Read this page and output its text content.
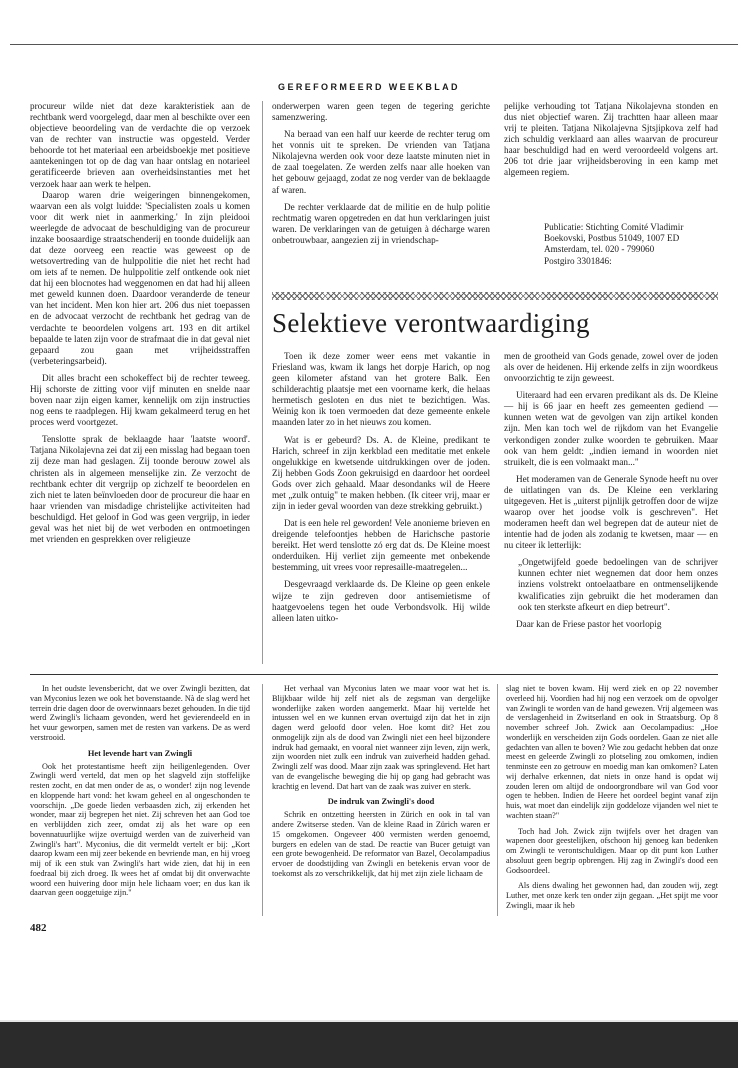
GEREFORMEERD WEEKBLAD

procureur wilde niet dat deze karakteristiek aan de rechtbank werd voorgelegd, daar men al beschikte over een objectieve beoordeling van de verdachte die op verzoek van de rechter van instructie was opgesteld. Verder behoorde tot het materiaal een arbeidsboekje met positieve aantekeningen tot op de dag van haar ontslag en notarieel geratificeerde brieven aan overheidsinstanties met het verzoek haar aan werk te helpen.

Daarop waren drie weigeringen binnengekomen, waarvan een als volgt luidde: 'Specialisten zoals u komen voor dit werk niet in aanmerking.' In zijn pleidooi weerlegde de advocaat de beschuldiging van de procureur inzake boosaardige straatschenderij en toonde duidelijk aan dat deze oorveeg een reactie was geweest op de wetsovertreding van de hulppolitie die niet het recht had om iets af te nemen. De hulppolitie zelf ontkende ook niet dat hij een blocnotes had weggenomen en dat had hij alleen met geweld kunnen doen. Daardoor veranderde de teneur van het incident. Men kon hier art. 206 dus niet toepassen en de advocaat verzocht de rechtbank het gedrag van de verdachte te beoordelen volgens art. 193 en dit artikel bepaalde te laten zijn voor de strafmaat die in dat geval niet gepaard zou gaan met vrijheidsstraffen (verbeteringsarbeid).

Dit alles bracht een schokeffect bij de rechter teweeg. Hij schorste de zitting voor vijf minuten en snelde naar boven naar zijn eigen kamer, kennelijk om zijn instructies nog eens te raadplegen. Hij kwam gekalmeerd terug en het proces werd voortgezet.

Tenslotte sprak de beklaagde haar 'laatste woord'. Tatjana Nikolajevna zei dat zij een misslag had begaan toen zij deze man had geslagen. Zij toonde berouw zowel als christen als in algemeen menselijke zin. Ze verzocht de rechtbank echter dit vergrijp op zichzelf te beoordelen en zich niet te laten beïnvloeden door de procureur die haar en haar vrienden van misdadige christelijke activiteiten had beschuldigd. Het geloof in God was geen vergrijp, in ieder geval was het niet bij de wet verboden en ontmoetingen met vrienden en gesprekken over religieuze

onderwerpen waren geen tegen de tegering gerichte samenzwering.

Na beraad van een half uur keerde de rechter terug om het vonnis uit te spreken. De vrienden van Tatjana Nikolajevna werden ook voor deze laatste minuten niet in de zaal toegelaten. Ze werden zelfs naar alle hoeken van het gebouw gejaagd, zodat ze nog verder van de beklaagde af waren.

De rechter verklaarde dat de militie en de hulp politie rechtmatig waren opgetreden en dat hun verklaringen juist waren. De verklaringen van de getuigen à décharge waren onbetrouwbaar, aangezien zij in vriendschap-

pelijke verhouding tot Tatjana Nikolajevna stonden en dus niet objectief waren. Zij trachtten haar alleen maar vrij te pleiten. Tatjana Nikolajevna Sjtsjipkova zelf had zich schuldig verklaard aan alles waarvan de procureur haar beschuldigd had en werd veroordeeld volgens art. 206 tot drie jaar vrijheidsberoving in een kamp met algemeen regiem.

Publicatie: Stichting Comité Vladimir Boekovski, Postbus 51049, 1007 ED Amsterdam, tel. 020 - 799060

Postgiro 3301846:

Selektieve verontwaardiging

Toen ik deze zomer weer eens met vakantie in Friesland was, kwam ik langs het dorpje Harich, op nog geen kilometer afstand van het grotere Balk. Een schilderachtig plaatsje met een voorname kerk, die helaas hermetisch gesloten en dus niet te bezichtigen. Was. Weinig kon ik toen vermoeden dat deze gemeente enkele maanden later zo in het nieuws zou komen.

Wat is er gebeurd? Ds. A. de Kleine, predikant te Harich, schreef in zijn kerkblad een meditatie met enkele ongelukkige en kwetsende uitdrukkingen over de joden. Zij hebben Gods Zoon gekruisigd en daardoor het oordeel Gods over zich gehaald. Maar desondanks wil de Heere met „zulk ontuig" te maken hebben. (Ik citeer vrij, maar er zijn in ieder geval woorden van deze strekking gebruikt.)

Dat is een hele rel geworden! Vele anonieme brieven en dreigende telefoontjes hebben de Harichsche pastorie bereikt. Het werd tenslotte zó erg dat ds. De Kleine moest onderduiken. Hij verliet zijn gemeente met onbekende bestemming, uit vrees voor represaille-maatregelen...

Desgevraagd verklaarde ds. De Kleine op geen enkele wijze te zijn gedreven door antisemietisme of haatgevoelens tegen het oude Verbondsvolk. Hij wilde alleen laten uitko-

men de grootheid van Gods genade, zowel over de joden als over de heidenen. Hij erkende zelfs in zijn woordkeus onvoorzichtig te zijn geweest.

Uiteraard had een ervaren predikant als ds. De Kleine — hij is 66 jaar en heeft zes gemeenten gediend — kunnen weten wat de gevolgen van zijn artikel konden zijn. Men kan toch wel de rijkdom van het Evangelie verkondigen zonder zulke woorden te gebruiken. Maar ook van hem geldt: „indien iemand in woorden niet struikelt, die is een volmaakt man..."

Het moderamen van de Generale Synode heeft nu over de uitlatingen van ds. De Kleine een verklaring uitgegeven. Het is „uiterst pijnlijk getroffen door de wijze waarop over het joodse volk is geschreven". Het moderamen heeft dan wel begrepen dat de auteur niet de intentie had de joden als zodanig te kwetsen, maar — en nu citeer ik letterlijk:

„Ongetwijfeld goede bedoelingen van de schrijver kunnen echter niet wegnemen dat door hem onzes inziens volstrekt ontoelaatbare en ontmenselijkende kwalificaties zijn gebruikt die het moderamen dan ook ten sterkste afkeurt en diep betreurt".

Daar kan de Friese pastor het voorlopig

In het oudste levensbericht, dat we over Zwingli bezitten, dat van Myconius lezen we ook het bovenstaande. Nà de slag werd het terrein drie dagen door de overwinnaars bezet gehouden. In die tijd werd Zwingli's lichaam gevonden, werd het gevierendeeld en in het vuur geworpen, samen met de resten van varkens. De as werd verstrooid.

Het levende hart van Zwingli

Ook het protestantisme heeft zijn heiligenlegenden. Over Zwingli werd verteld, dat men op het slagveld zijn stoffelijke resten zocht, en dat men onder de as, o wonder! zijn nog levende en kloppende hart vond: het kwam geheel en al ongeschonden te voorschijn. „De goede lieden verbaasden zich, zij erkenden het wonder, maar zij begrepen het niet. Zij schreven het aan God toe en verblijdden zich zeer, omdat zij als het ware op een bovennatuurlijke wijze overtuigd werden van de zuiverheid van Zwingli's hart". Myconius, die dit vermeldt vertelt er bij: „Kort daarop kwam een mij zeer bekende en bevriende man, en hij vroeg mij of ik een stuk van Zwingli's hart wide zien, dat hij in een foedraal bij zich droeg. Ik wees het af omdat bij dit onverwachte woord een huivering door mijn hele lichaam voer; en dus kan ik daarvan geen ooggetuige zijn."

Het verhaal van Myconius laten we maar voor wat het is. Blijkbaar wilde hij zelf niet als de zegsman van dergelijke wonderlijke zaken worden aangemerkt. Maar hij vertelde het intussen wel en we kunnen ervan overtuigd zijn dat het in zijn dagen werd geloofd door velen. Hoe komt dit? Het zou onmogelijk zijn als de dood van Zwingli niet een heel bijzondere indruk had gemaakt, en vooral niet wanneer zijn leven, zijn werk, zijn woorden niet zulk een indruk van zuiverheid hadden gehad. Zwingli zelf was dood. Maar zijn zaak was springlevend. Het hart van de evangelische beweging die hij op gang had gebracht was krachtig en levend. Dat hart van de zaak was zuiver en sterk.

De indruk van Zwingli's dood

Schrik en ontzetting heersten in Zürich en ook in tal van andere Zwitserse steden. Van de kleine Raad in Zürich waren er 15 omgekomen. Ongeveer 400 vermisten werden genoemd, burgers en edelen van de stad. De reactie van Bucer getuigt van een grote bewogenheid. De reformator van Bazel, Oecolampadius ervoer de doodstijding van Zwingli en betekenis ervan voor de toekomst als zo verschrikkelijk, dat hij met zijn ziele lichaam de

slag niet te boven kwam. Hij werd ziek en op 22 november overleed hij. Voordien had hij nog een verzoek om de opvolger van Zwingli te worden van de hand gewezen. Vrij algemeen was de verslagenheid in Zwitserland en ook in Straatsburg. Op 8 november schreef Joh. Zwick aan Oecolampadius: „Hoe wonderlijk en verscheiden zijn Gods oordelen. Gaan ze niet alle gedachten van allen te boven? Wie zou gedacht hebben dat onze meest en geleerde Zwingli zo plotseling zou omkomen, indien tenminste een zo getrouw en moedig man kan omkomen? Laten wij derhalve erkennen, dat niets in onze hand is opdat wij zouden leren om altijd de ondoorgrondbare wil van God voor ogen te hebben. Indien de Heere het oordeel begint vanaf zijn huis, wat moet dan eindelijk zijn goddeloze vijanden wel niet te wachten staan?"

Toch had Joh. Zwick zijn twijfels over het dragen van wapenen door geestelijken, ofschoon hij genoeg kan bedenken om Zwingli te verontschuldigen. Maar op dit punt kon Luther absoluut geen begrip opbrengen. Hij zag in Zwingli's dood een Godsoordeel.

Als diens dwaling het gewonnen had, dan zouden wij, zegt Luther, met onze kerk ten onder zijn gegaan. „Het spijt me voor Zwingli, maar ik heb

482
